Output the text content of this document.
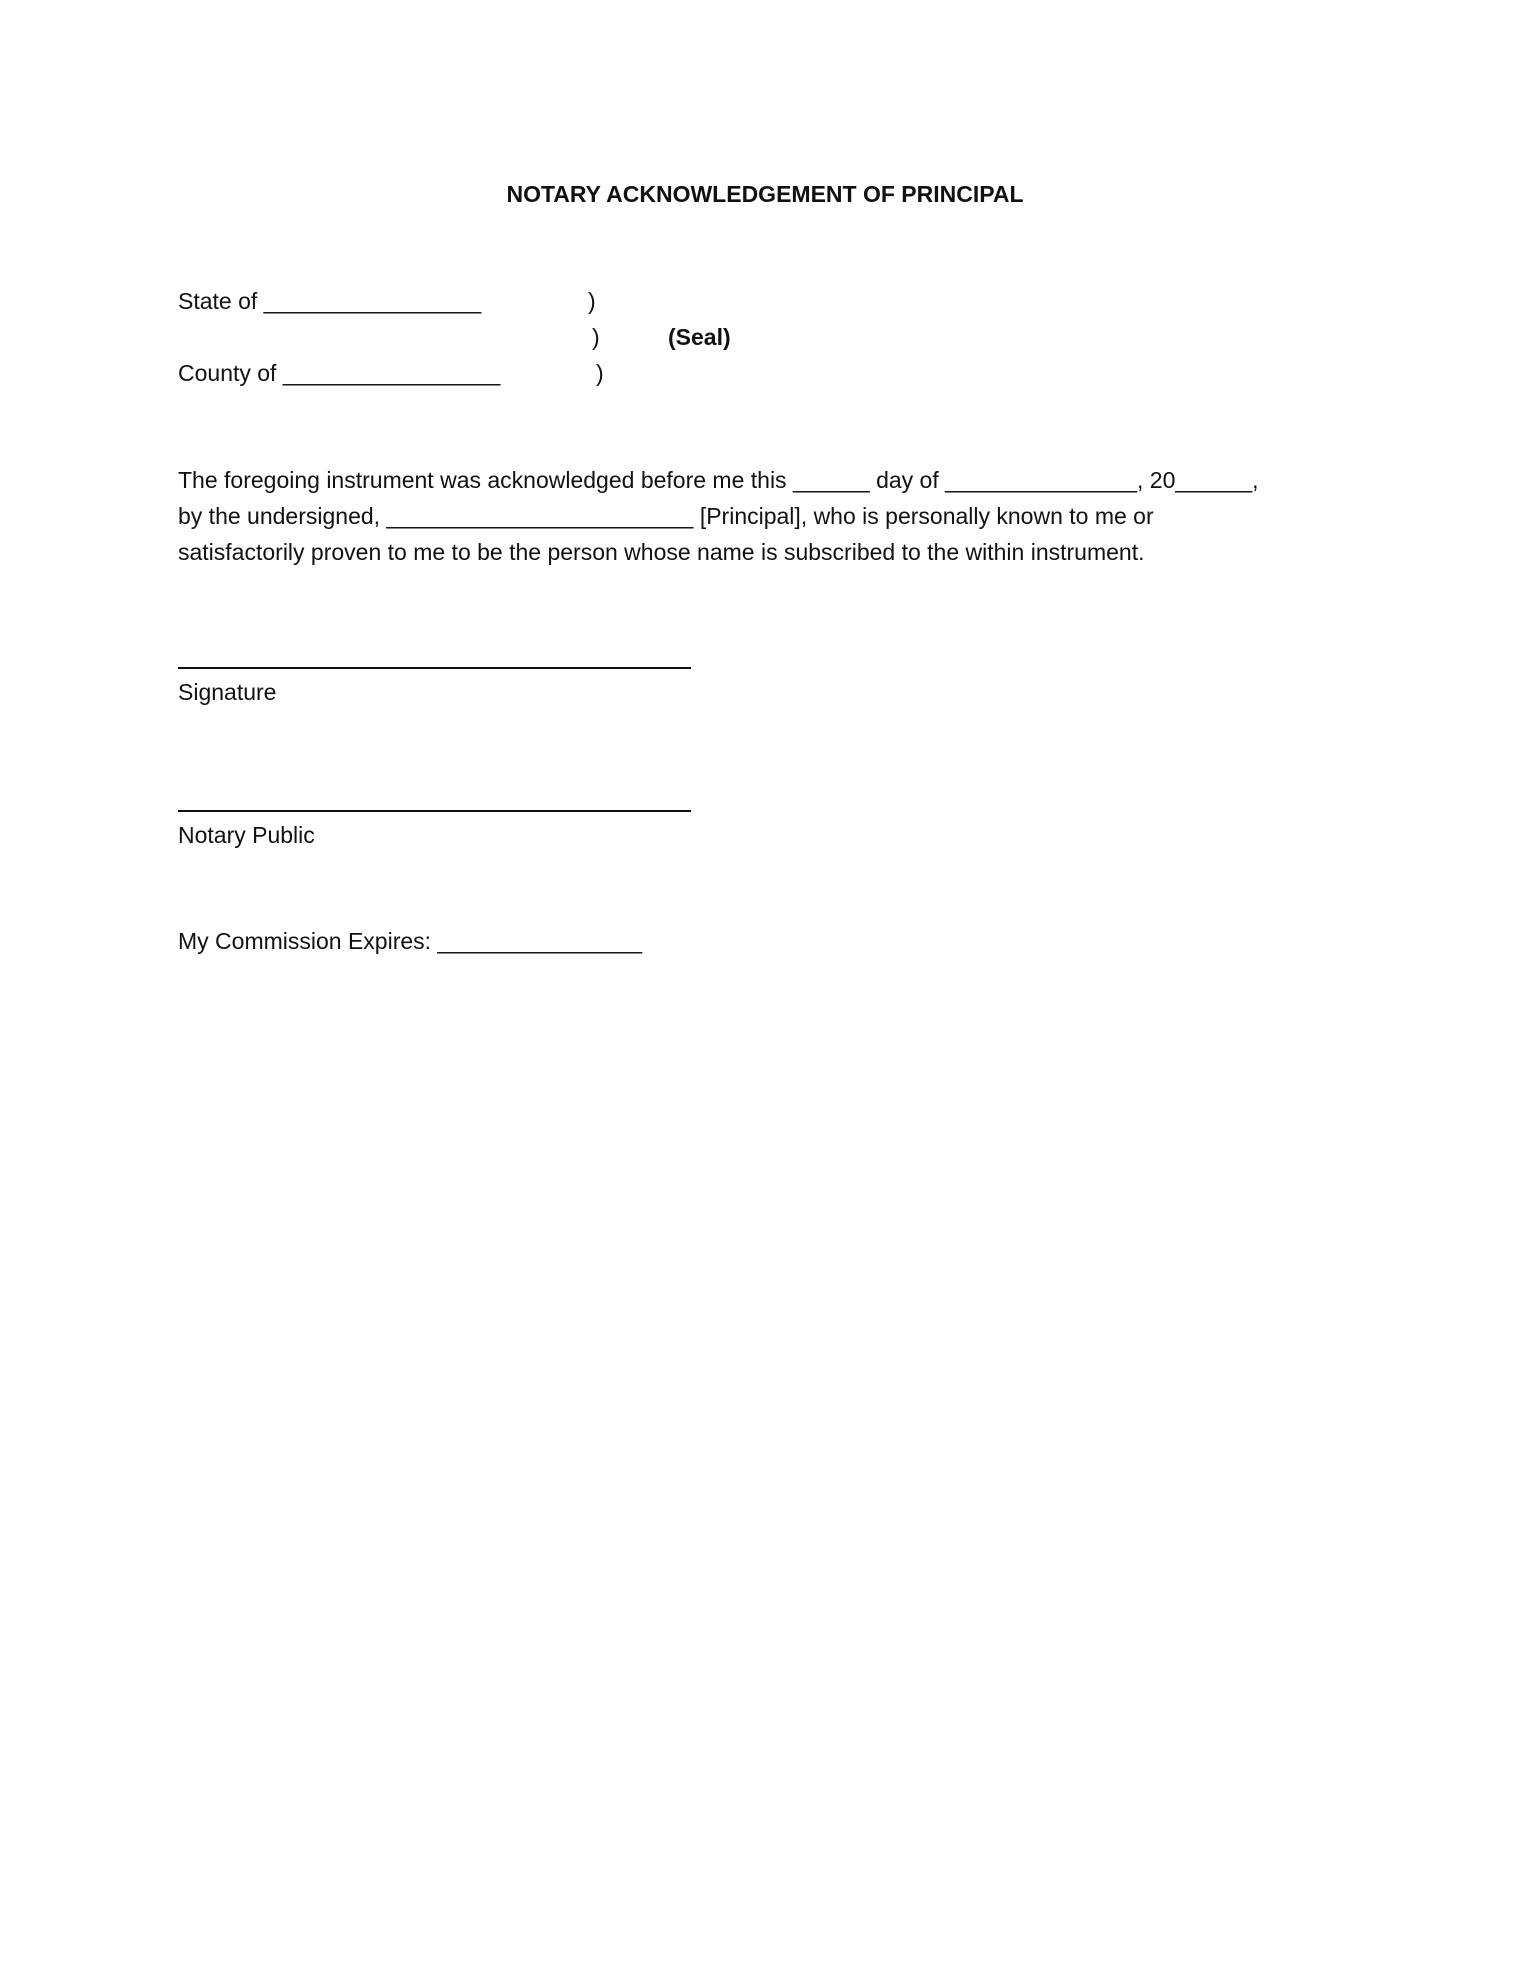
NOTARY ACKNOWLEDGEMENT OF PRINCIPAL
State of _________________	)
)	(Seal)
County of _________________	)
The foregoing instrument was acknowledged before me this ______ day of _______________, 20______,
by the undersigned, ________________________ [Principal], who is personally known to me or
satisfactorily proven to me to be the person whose name is subscribed to the within instrument.
Signature
Notary Public
My Commission Expires: ________________
